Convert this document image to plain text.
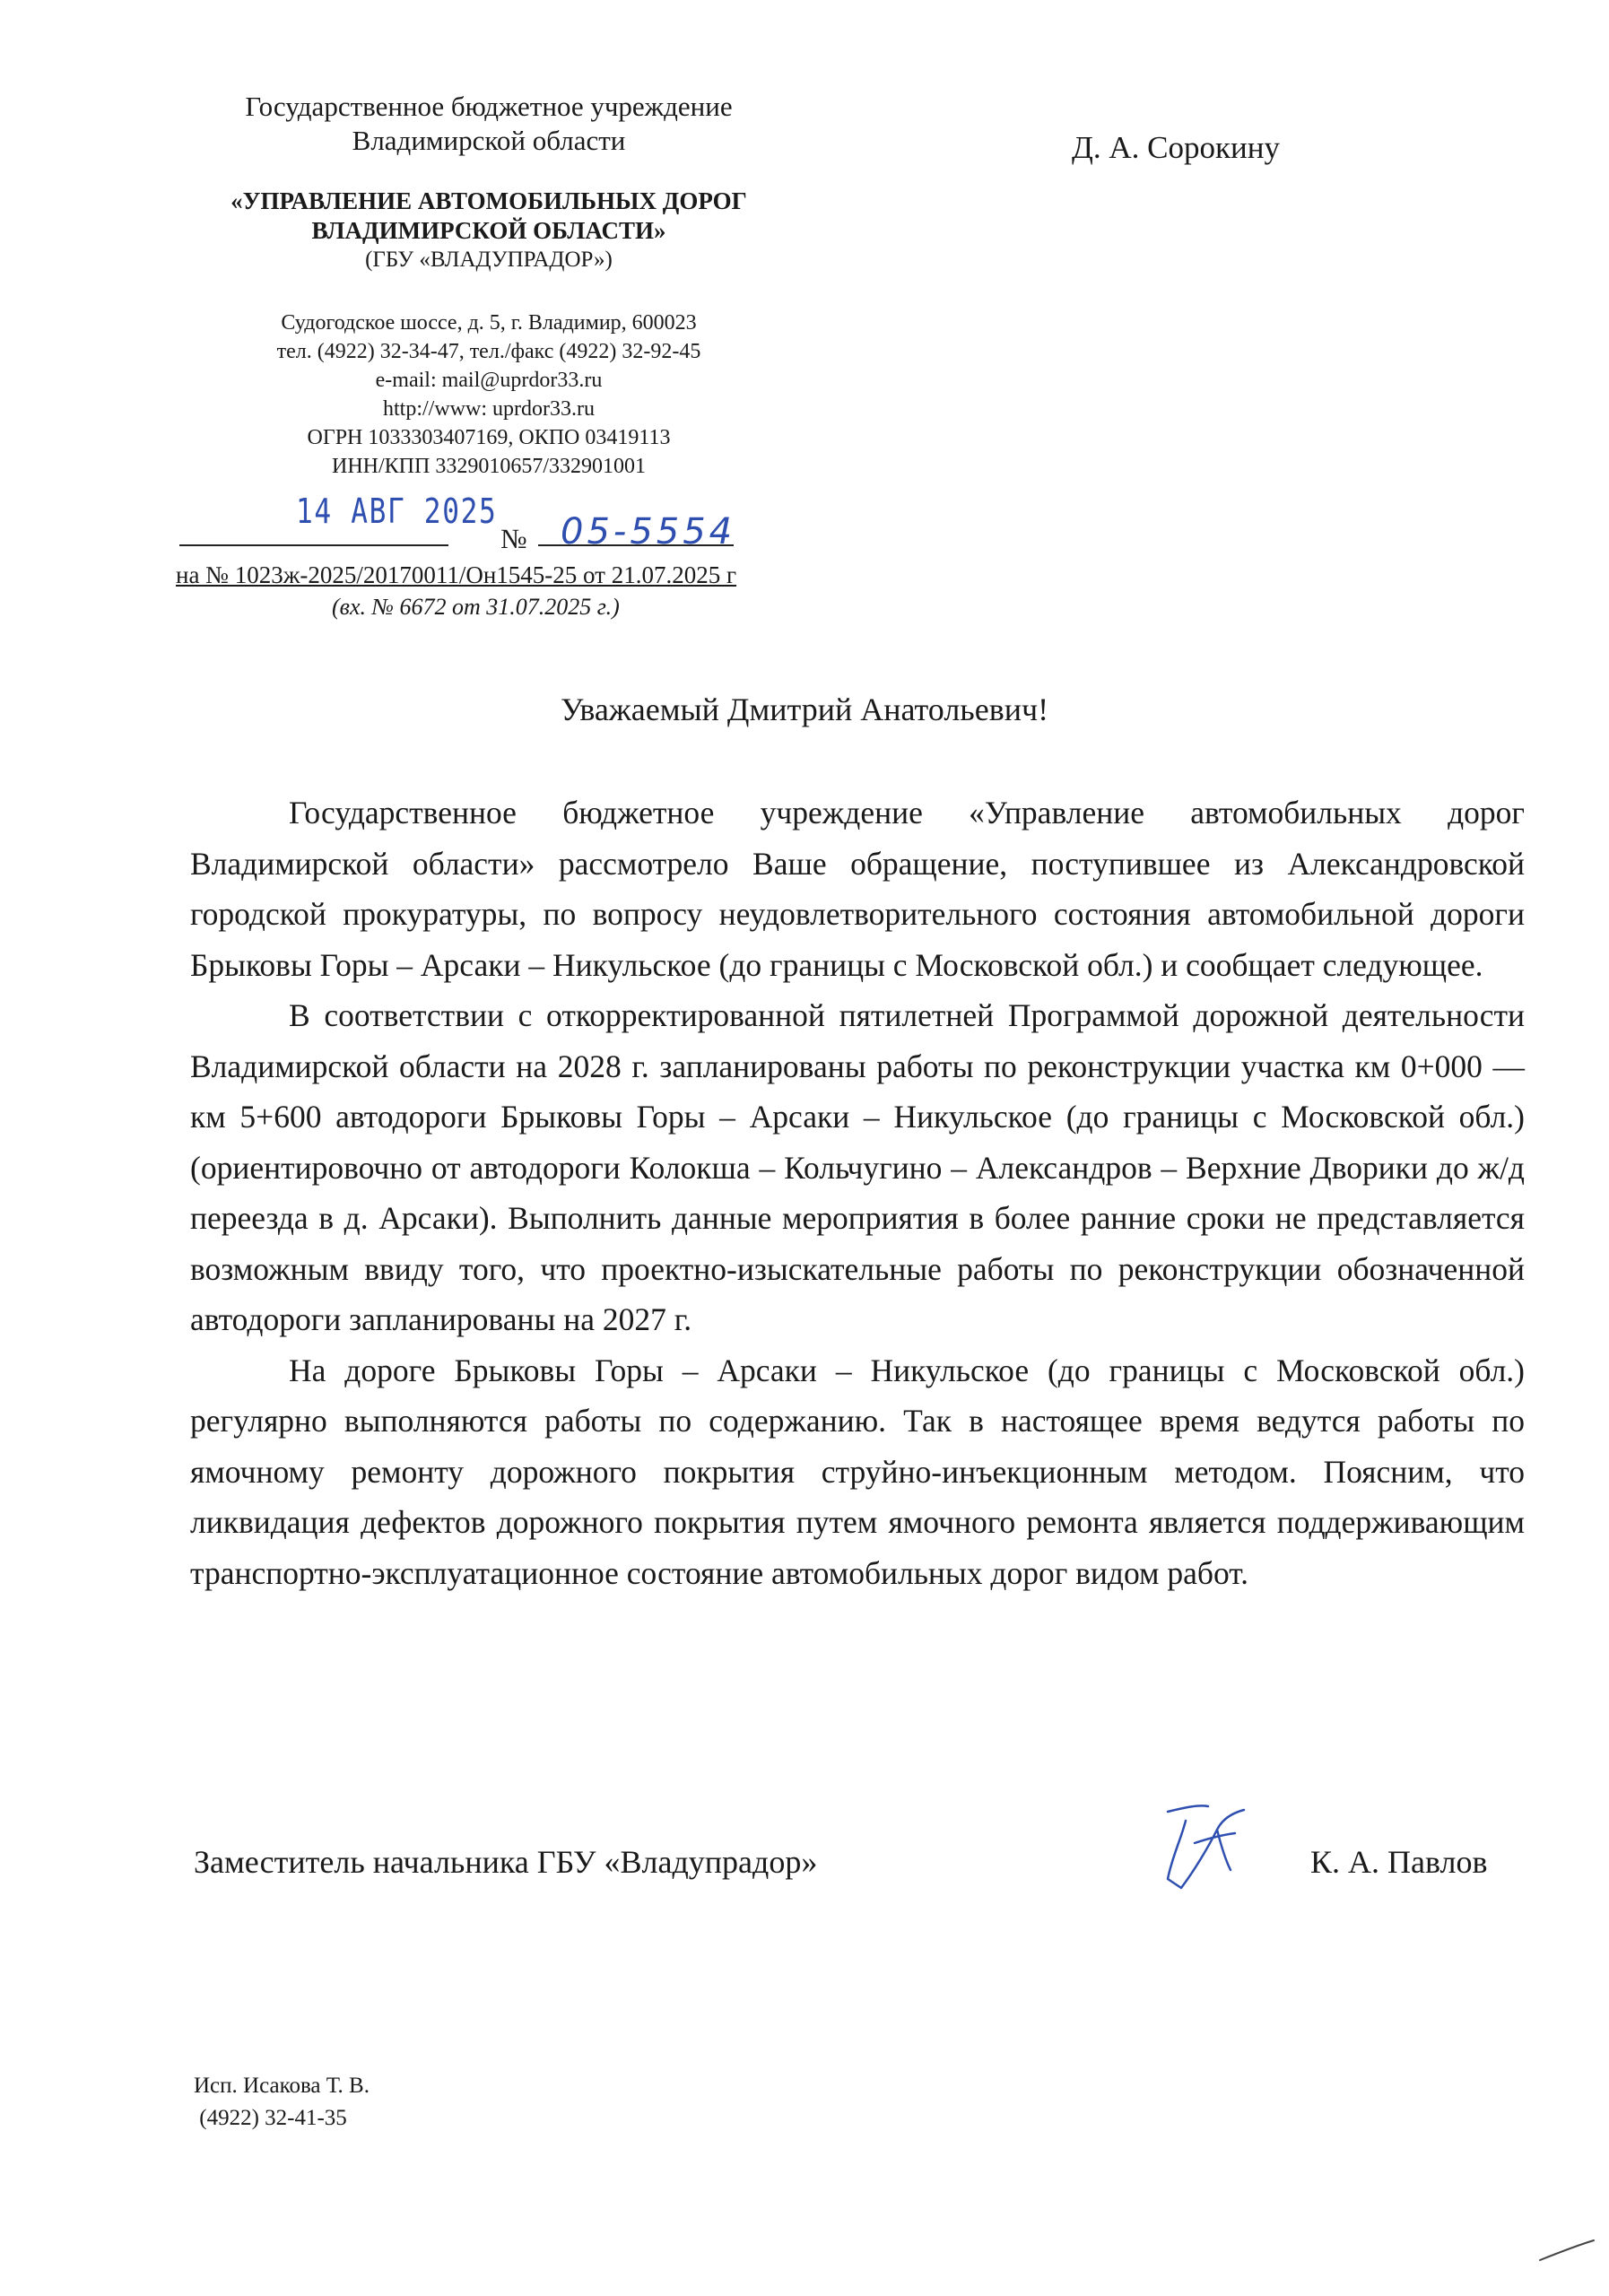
Государственное бюджетное учреждение
Владимирской области
«УПРАВЛЕНИЕ АВТОМОБИЛЬНЫХ ДОРОГ
ВЛАДИМИРСКОЙ ОБЛАСТИ»
(ГБУ «ВЛАДУПРАДОР»)
Судогодское шоссе, д. 5, г. Владимир, 600023
тел. (4922) 32-34-47, тел./факс (4922) 32-92-45
e-mail: mail@uprdor33.ru
http://www: uprdor33.ru
ОГРН 1033303407169, ОКПО 03419113
ИНН/КПП 3329010657/332901001
Д. А. Сорокину
14 АВГ 2025
№ 05-5554
на № 1023ж-2025/20170011/Он1545-25 от 21.07.2025 г
(вх. № 6672 от 31.07.2025 г.)
Уважаемый Дмитрий Анатольевич!

Государственное бюджетное учреждение «Управление автомобильных дорог Владимирской области» рассмотрело Ваше обращение, поступившее из Александровской городской прокуратуры, по вопросу неудовлетворительного состояния автомобильной дороги Брыковы Горы – Арсаки – Никульское (до границы с Московской обл.) и сообщает следующее.

В соответствии с откорректированной пятилетней Программой дорожной деятельности Владимирской области на 2028 г. запланированы работы по реконструкции участка км 0+000 — км 5+600 автодороги Брыковы Горы – Арсаки – Никульское (до границы с Московской обл.) (ориентировочно от автодороги Колокша – Кольчугино – Александров – Верхние Дворики до ж/д переезда в д. Арсаки). Выполнить данные мероприятия в более ранние сроки не представляется возможным ввиду того, что проектно-изыскательные работы по реконструкции обозначенной автодороги запланированы на 2027 г.

На дороге Брыковы Горы – Арсаки – Никульское (до границы с Московской обл.) регулярно выполняются работы по содержанию. Так в настоящее время ведутся работы по ямочному ремонту дорожного покрытия струйно-инъекционным методом. Поясним, что ликвидация дефектов дорожного покрытия путем ямочного ремонта является поддерживающим транспортно-эксплуатационное состояние автомобильных дорог видом работ.

Заместитель начальника ГБУ «Владупрадор»	К. А. Павлов
Исп. Исакова Т. В.
(4922) 32-41-35
